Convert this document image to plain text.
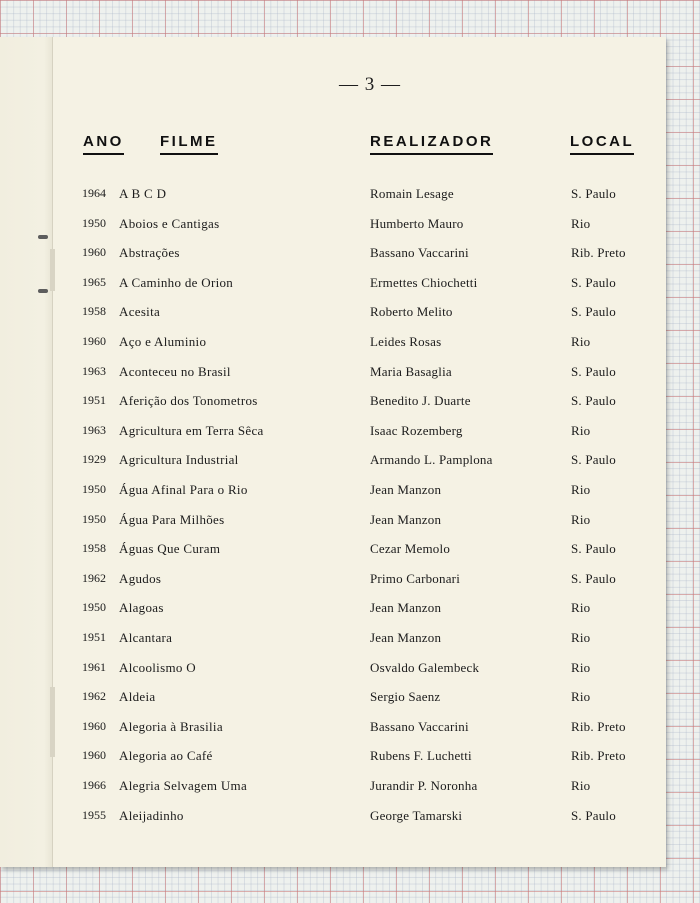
— 3 —
ANO FILME	REALIZADOR	LOCAL
1964 A B C D	Romain Lesage	S. Paulo
1950 Aboios e Cantigas	Humberto Mauro	Rio
1960 Abstrações	Bassano Vaccarini	Rib. Preto
1965 A Caminho de Orion	Ermettes Chiochetti	S. Paulo
1958 Acesita	Roberto Melito	S. Paulo
1960 Aço e Aluminio	Leides Rosas	Rio
1963 Aconteceu no Brasil	Maria Basaglia	S. Paulo
1951 Aferição dos Tonometros	Benedito J. Duarte	S. Paulo
1963 Agricultura em Terra Sêca	Isaac Rozemberg	Rio
1929 Agricultura Industrial	Armando L. Pamplona	S. Paulo
1950 Água Afinal Para o Rio	Jean Manzon	Rio
1950 Água Para Milhões	Jean Manzon	Rio
1958 Águas Que Curam	Cezar Memolo	S. Paulo
1962 Agudos	Primo Carbonari	S. Paulo
1950 Alagoas	Jean Manzon	Rio
1951 Alcantara	Jean Manzon	Rio
1961 Alcoolismo O	Osvaldo Galembeck	Rio
1962 Aldeia	Sergio Saenz	Rio
1960 Alegoria à Brasilia	Bassano Vaccarini	Rib. Preto
1960 Alegoria ao Café	Rubens F. Luchetti	Rib. Preto
1966 Alegria Selvagem Uma	Jurandir P. Noronha	Rio
1955 Aleijadinho	George Tamarski	S. Paulo
